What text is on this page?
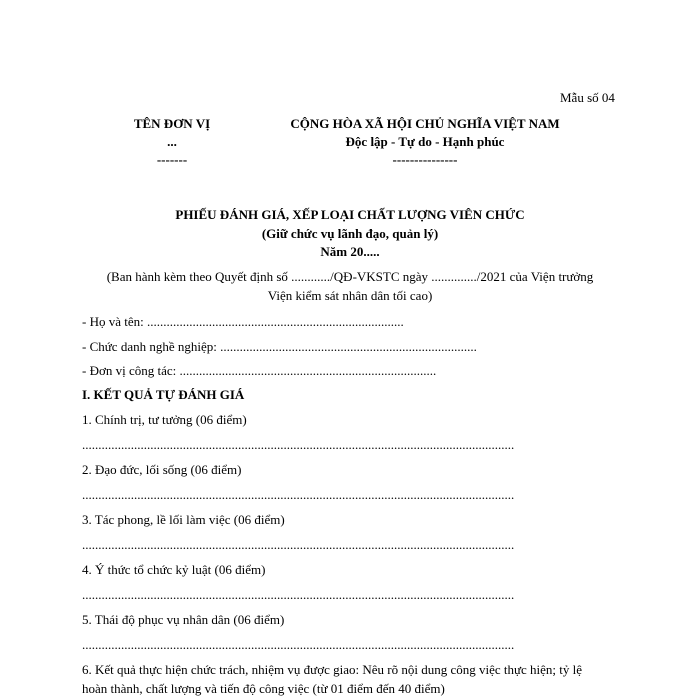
Mẫu số 04
TÊN ĐƠN VỊ
...
-------
CỘNG HÒA XÃ HỘI CHỦ NGHĨA VIỆT NAM
Độc lập - Tự do - Hạnh phúc
---------------
PHIẾU ĐÁNH GIÁ, XẾP LOẠI CHẤT LƯỢNG VIÊN CHỨC
(Giữ chức vụ lãnh đạo, quản lý)
Năm 20.....
(Ban hành kèm theo Quyết định số ............/QĐ-VKSTC ngày ............../2021 của Viện trưởng
Viện kiểm sát nhân dân tối cao)
- Họ và tên: ...............................................................................
- Chức danh nghề nghiệp: ...............................................................................
- Đơn vị công tác: ...............................................................................
I. KẾT QUẢ TỰ ĐÁNH GIÁ
1. Chính trị, tư tưởng (06 điểm)
.....................................................................................................................................
2. Đạo đức, lối sống (06 điểm)
.....................................................................................................................................
3. Tác phong, lề lối làm việc (06 điểm)
.....................................................................................................................................
4. Ý thức tổ chức kỷ luật (06 điểm)
.....................................................................................................................................
5. Thái độ phục vụ nhân dân (06 điểm)
.....................................................................................................................................
6. Kết quả thực hiện chức trách, nhiệm vụ được giao: Nêu rõ nội dung công việc thực hiện; tỷ lệ
hoàn thành, chất lượng và tiến độ công việc (từ 01 điểm đến 40 điểm)
